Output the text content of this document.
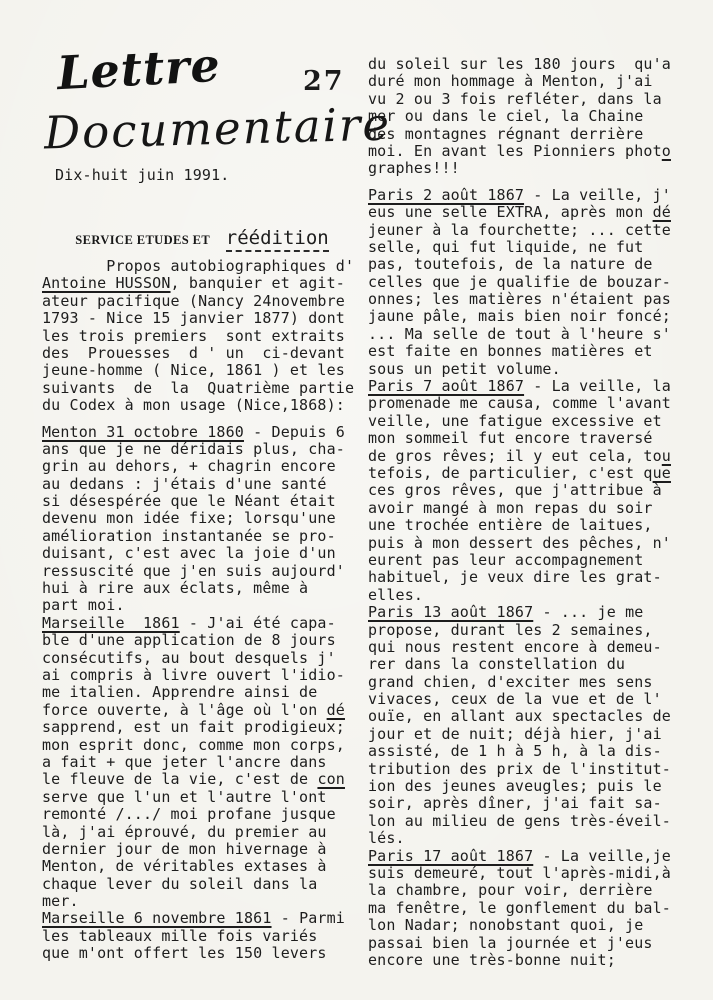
Lettre	27
Documentaire
Dix-huit juin 1991.
SERVICE ETUDES ET réédition
Propos autobiographiques d'
Antoine HUSSON, banquier et agit-
ateur pacifique (Nancy 24novembre
1793 - Nice 15 janvier 1877) dont
les trois premiers  sont extraits
des  Prouesses  d ' un  ci-devant
jeune-homme ( Nice, 1861 ) et les
suivants  de  la  Quatrième partie
du Codex à mon usage (Nice,1868):
Menton 31 octobre 1860 - Depuis 6
ans que je ne déridais plus, cha-
grin au dehors, + chagrin encore
au dedans : j'étais d'une santé
si désespérée que le Néant était
devenu mon idée fixe; lorsqu'une
amélioration instantanée se pro-
duisant, c'est avec la joie d'un
ressuscité que j'en suis aujourd'
hui à rire aux éclats, même à
part moi.
Marseille  1861 - J'ai été capa-
ble d'une application de 8 jours
consécutifs, au bout desquels j'
ai compris à livre ouvert l'idio-
me italien. Apprendre ainsi de
force ouverte, à l'âge où l'on dé
sapprend, est un fait prodigieux;
mon esprit donc, comme mon corps,
a fait + que jeter l'ancre dans
le fleuve de la vie, c'est de con
serve que l'un et l'autre l'ont
remonté /.../ moi profane jusque
là, j'ai éprouvé, du premier au
dernier jour de mon hivernage à
Menton, de véritables extases à
chaque lever du soleil dans la
mer.
Marseille 6 novembre 1861 - Parmi
les tableaux mille fois variés
que m'ont offert les 150 levers
du soleil sur les 180 jours  qu'a
duré mon hommage à Menton, j'ai
vu 2 ou 3 fois refléter, dans la
mer ou dans le ciel, la Chaine
des montagnes régnant derrière
moi. En avant les Pionniers photo
graphes!!!
Paris 2 août 1867 - La veille, j'
eus une selle EXTRA, après mon dé
jeuner à la fourchette; ... cette
selle, qui fut liquide, ne fut
pas, toutefois, de la nature de
celles que je qualifie de bouzar-
onnes; les matières n'étaient pas
jaune pâle, mais bien noir foncé;
... Ma selle de tout à l'heure s'
est faite en bonnes matières et
sous un petit volume.
Paris 7 août 1867 - La veille, la
promenade me causa, comme l'avant
veille, une fatigue excessive et
mon sommeil fut encore traversé
de gros rêves; il y eut cela, tou
tefois, de particulier, c'est que
ces gros rêves, que j'attribue à
avoir mangé à mon repas du soir
une trochée entière de laitues,
puis à mon dessert des pêches, n'
eurent pas leur accompagnement
habituel, je veux dire les grat-
elles.
Paris 13 août 1867 - ... je me
propose, durant les 2 semaines,
qui nous restent encore à demeu-
rer dans la constellation du
grand chien, d'exciter mes sens
vivaces, ceux de la vue et de l'
ouïe, en allant aux spectacles de
jour et de nuit; déjà hier, j'ai
assisté, de 1 h à 5 h, à la dis-
tribution des prix de l'institut-
ion des jeunes aveugles; puis le
soir, après dîner, j'ai fait sa-
lon au milieu de gens très-éveil-
lés.
Paris 17 août 1867 - La veille,je
suis demeuré, tout l'après-midi,à
la chambre, pour voir, derrière
ma fenêtre, le gonflement du bal-
lon Nadar; nonobstant quoi, je
passai bien la journée et j'eus
encore une très-bonne nuit;
